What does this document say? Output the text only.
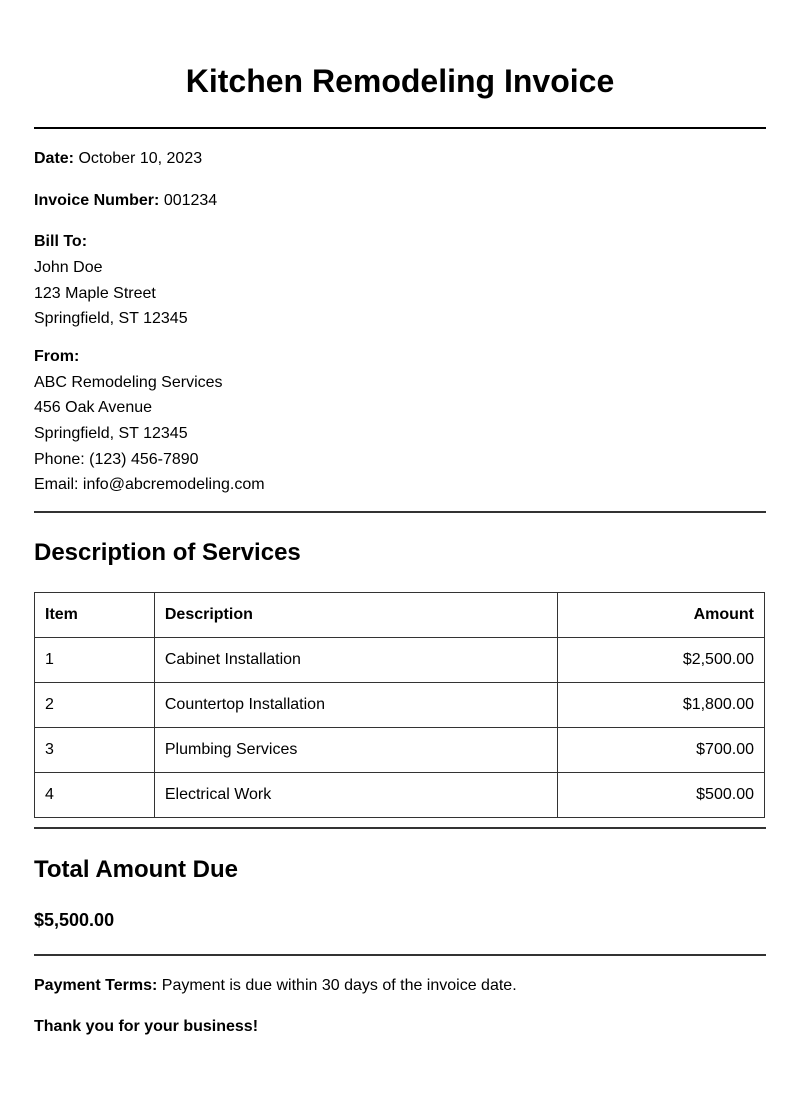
Kitchen Remodeling Invoice
Date: October 10, 2023
Invoice Number: 001234
Bill To:
John Doe
123 Maple Street
Springfield, ST 12345
From:
ABC Remodeling Services
456 Oak Avenue
Springfield, ST 12345
Phone: (123) 456-7890
Email: info@abcremodeling.com
Description of Services
Item	Description	Amount
1	Cabinet Installation	$2,500.00
2	Countertop Installation	$1,800.00
3	Plumbing Services	$700.00
4	Electrical Work	$500.00
Total Amount Due
$5,500.00
Payment Terms: Payment is due within 30 days of the invoice date.
Thank you for your business!
